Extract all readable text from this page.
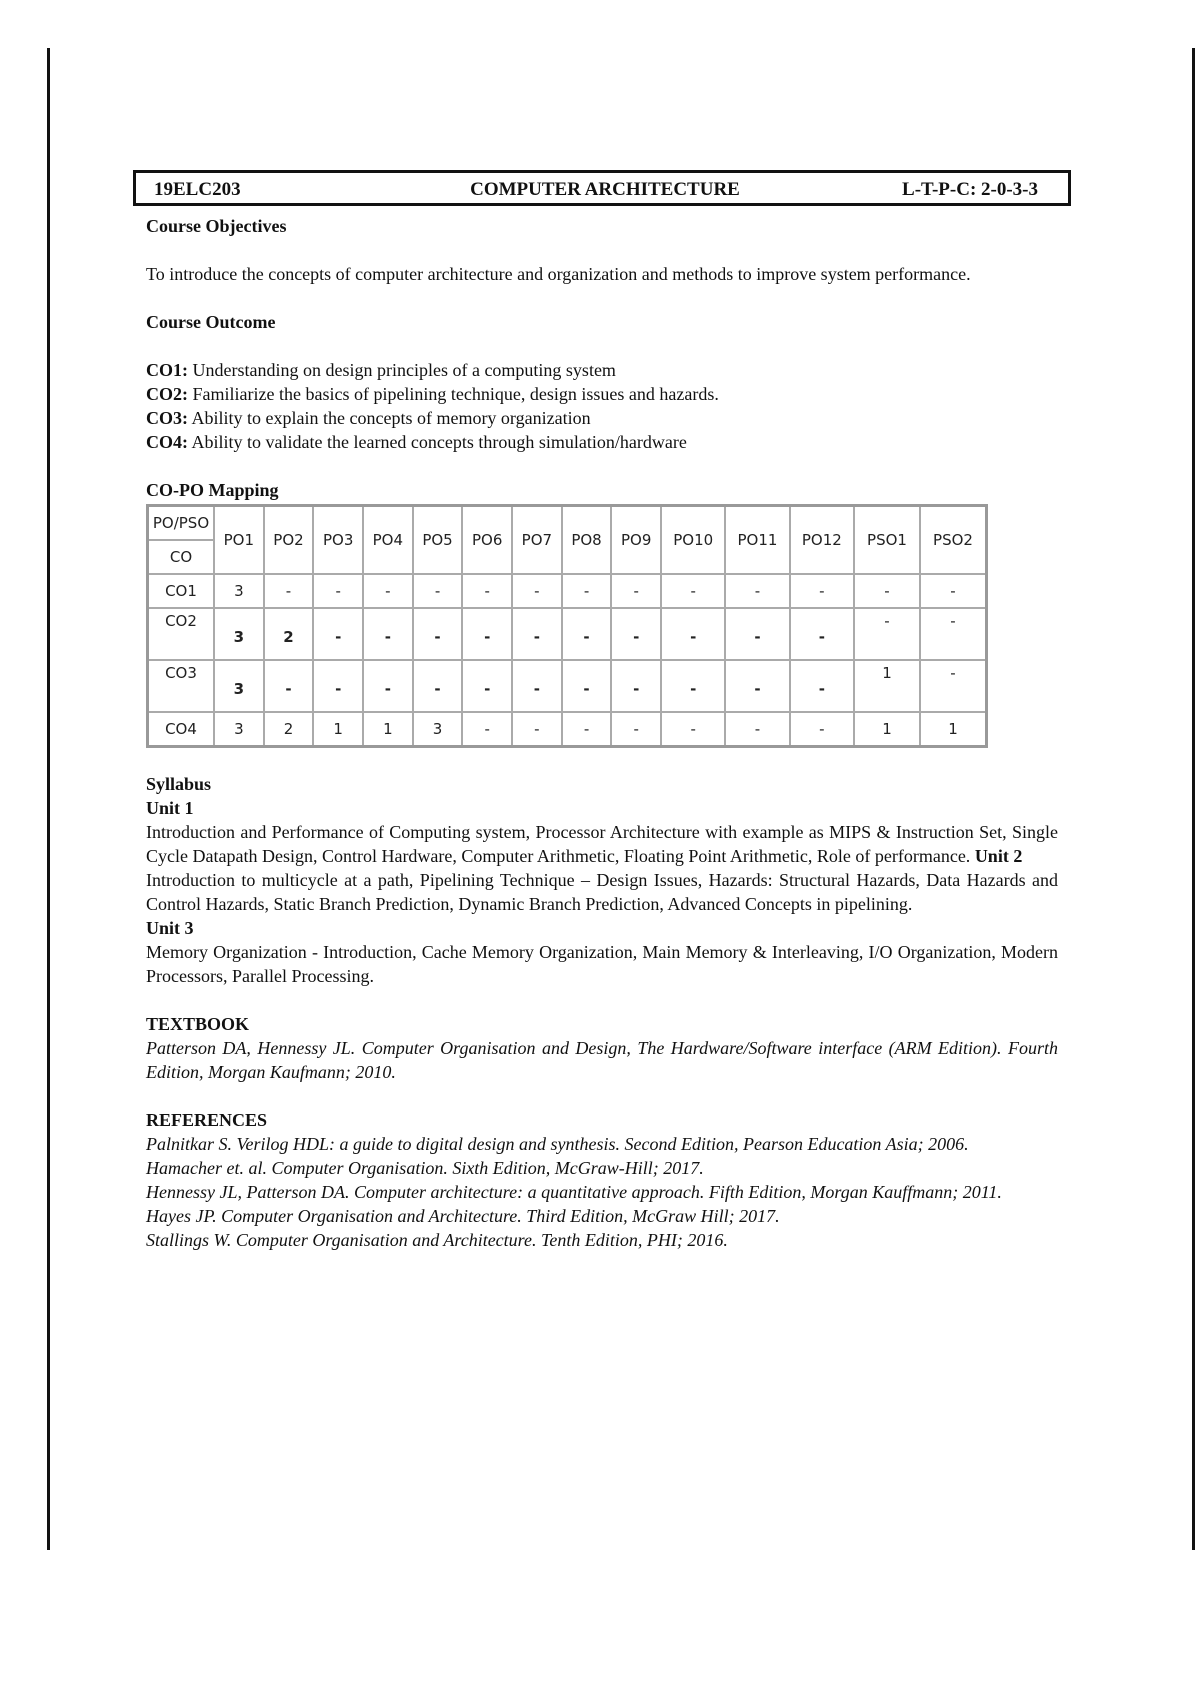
19ELC203	COMPUTER ARCHITECTURE	L-T-P-C: 2-0-3-3
Course Objectives
To introduce the concepts of computer architecture and organization and methods to improve system performance.
Course Outcome
CO1: Understanding on design principles of a computing system
CO2: Familiarize the basics of pipelining technique, design issues and hazards.
CO3: Ability to explain the concepts of memory organization
CO4: Ability to validate the learned concepts through simulation/hardware
CO-PO Mapping
PO/PSO	PO1	PO2	PO3	PO4	PO5	PO6	PO7	PO8	PO9	PO10	PO11	PO12	PSO1	PSO2
CO														
CO1	3	-	-	-	-	-	-	-	-	-	-	-	-	-
CO2	3	2	-	-	-	-	-	-	-	-	-	-	-	-
CO3	3	-	-	-	-	-	-	-	-	-	-	-	1	-
CO4	3	2	1	1	3	-	-	-	-	-	-	-	1	1
Syllabus
Unit 1
Introduction and Performance of Computing system, Processor Architecture with example as MIPS & Instruction Set, Single Cycle Datapath Design, Control Hardware, Computer Arithmetic, Floating Point Arithmetic, Role of performance. Unit 2
Introduction to multicycle at a path, Pipelining Technique – Design Issues, Hazards: Structural Hazards, Data Hazards and Control Hazards, Static Branch Prediction, Dynamic Branch Prediction, Advanced Concepts in pipelining.
Unit 3
Memory Organization - Introduction, Cache Memory Organization, Main Memory & Interleaving, I/O Organization, Modern Processors, Parallel Processing.
TEXTBOOK
Patterson DA, Hennessy JL. Computer Organisation and Design, The Hardware/Software interface (ARM Edition). Fourth Edition, Morgan Kaufmann; 2010.
REFERENCES
Palnitkar S. Verilog HDL: a guide to digital design and synthesis. Second Edition, Pearson Education Asia; 2006.
Hamacher et. al. Computer Organisation. Sixth Edition, McGraw-Hill; 2017.
Hennessy JL, Patterson DA. Computer architecture: a quantitative approach. Fifth Edition, Morgan Kauffmann; 2011.
Hayes JP. Computer Organisation and Architecture. Third Edition, McGraw Hill; 2017.
Stallings W. Computer Organisation and Architecture. Tenth Edition, PHI; 2016.
